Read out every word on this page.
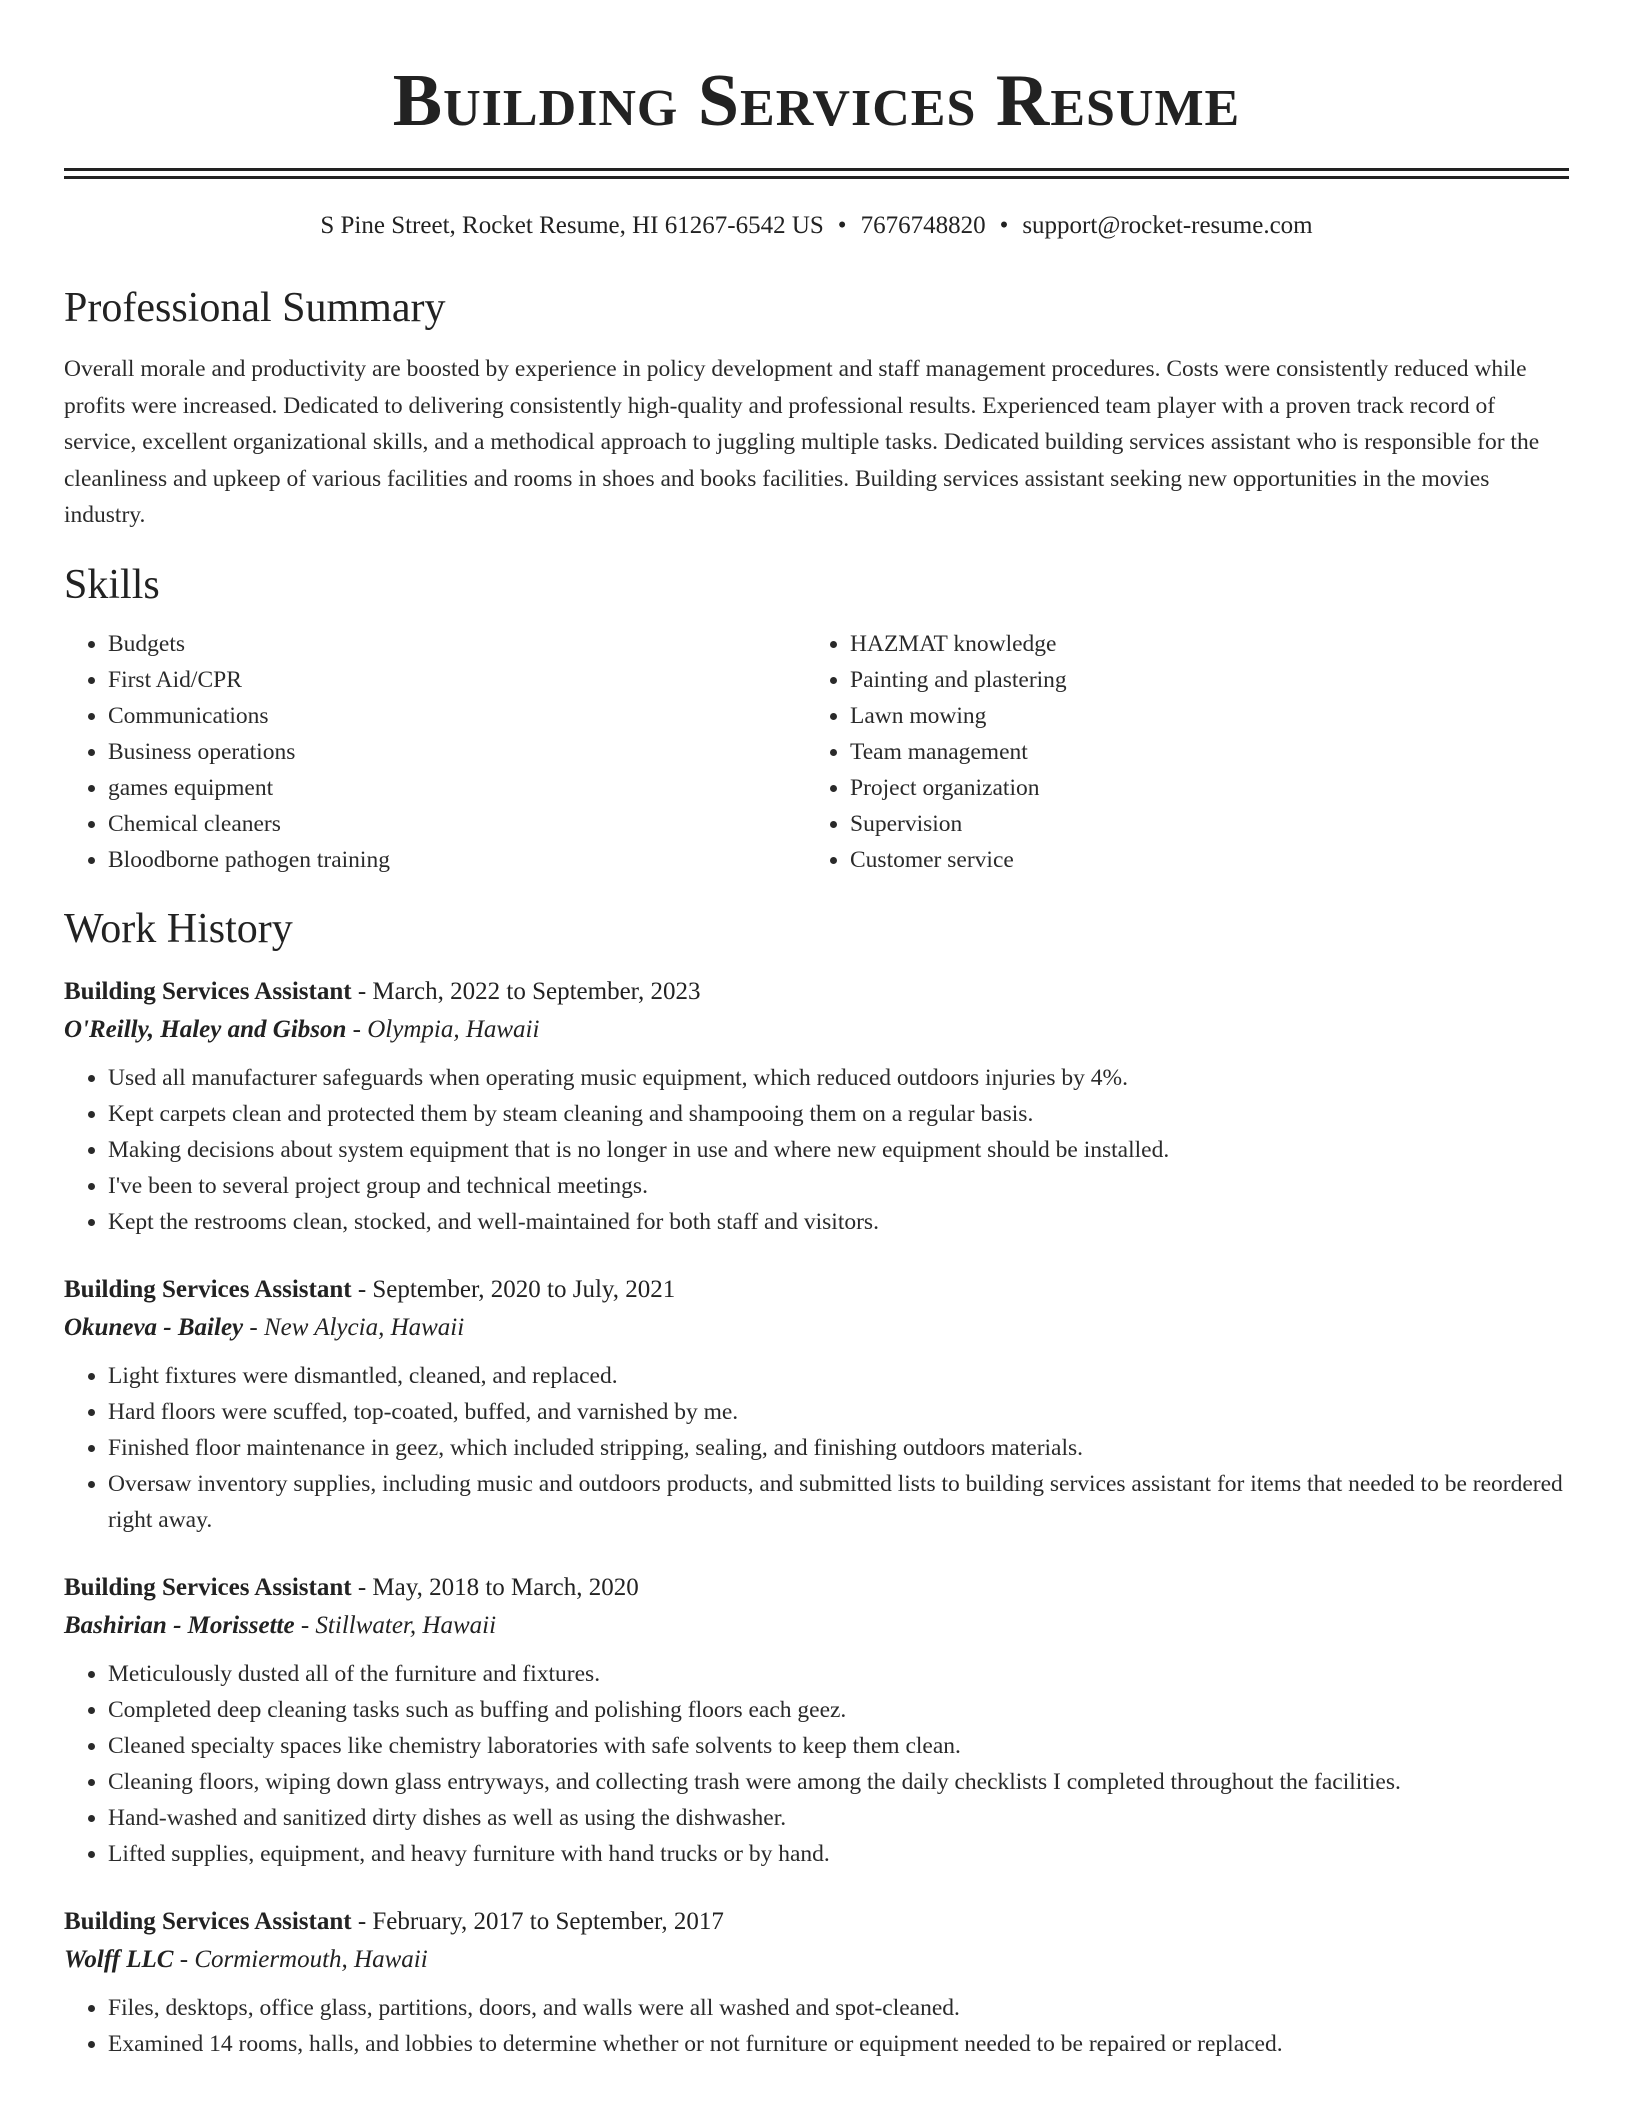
Building Services Resume
S Pine Street, Rocket Resume, HI 61267-6542 US • 7676748820 • support@rocket-resume.com
Professional Summary
Overall morale and productivity are boosted by experience in policy development and staff management procedures. Costs were consistently reduced while profits were increased. Dedicated to delivering consistently high-quality and professional results. Experienced team player with a proven track record of service, excellent organizational skills, and a methodical approach to juggling multiple tasks. Dedicated building services assistant who is responsible for the cleanliness and upkeep of various facilities and rooms in shoes and books facilities. Building services assistant seeking new opportunities in the movies industry.
Skills
• Budgets
• First Aid/CPR
• Communications
• Business operations
• games equipment
• Chemical cleaners
• Bloodborne pathogen training
• HAZMAT knowledge
• Painting and plastering
• Lawn mowing
• Team management
• Project organization
• Supervision
• Customer service
Work History
Building Services Assistant - March, 2022 to September, 2023
O'Reilly, Haley and Gibson - Olympia, Hawaii
• Used all manufacturer safeguards when operating music equipment, which reduced outdoors injuries by 4%.
• Kept carpets clean and protected them by steam cleaning and shampooing them on a regular basis.
• Making decisions about system equipment that is no longer in use and where new equipment should be installed.
• I've been to several project group and technical meetings.
• Kept the restrooms clean, stocked, and well-maintained for both staff and visitors.
Building Services Assistant - September, 2020 to July, 2021
Okuneva - Bailey - New Alycia, Hawaii
• Light fixtures were dismantled, cleaned, and replaced.
• Hard floors were scuffed, top-coated, buffed, and varnished by me.
• Finished floor maintenance in geez, which included stripping, sealing, and finishing outdoors materials.
• Oversaw inventory supplies, including music and outdoors products, and submitted lists to building services assistant for items that needed to be reordered right away.
Building Services Assistant - May, 2018 to March, 2020
Bashirian - Morissette - Stillwater, Hawaii
• Meticulously dusted all of the furniture and fixtures.
• Completed deep cleaning tasks such as buffing and polishing floors each geez.
• Cleaned specialty spaces like chemistry laboratories with safe solvents to keep them clean.
• Cleaning floors, wiping down glass entryways, and collecting trash were among the daily checklists I completed throughout the facilities.
• Hand-washed and sanitized dirty dishes as well as using the dishwasher.
• Lifted supplies, equipment, and heavy furniture with hand trucks or by hand.
Building Services Assistant - February, 2017 to September, 2017
Wolff LLC - Cormiermouth, Hawaii
• Files, desktops, office glass, partitions, doors, and walls were all washed and spot-cleaned.
• Examined 14 rooms, halls, and lobbies to determine whether or not furniture or equipment needed to be repaired or replaced.
